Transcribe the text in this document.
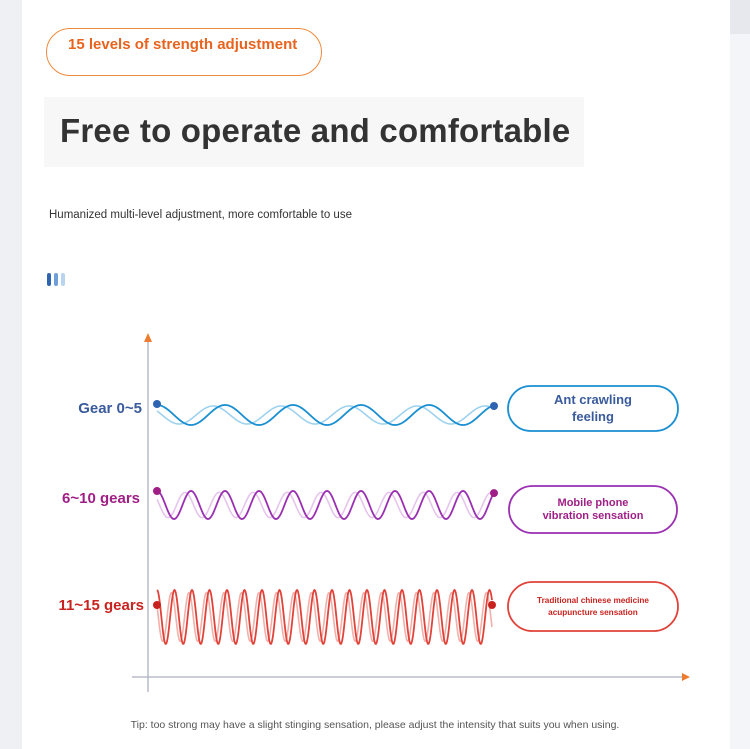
15 levels of strength adjustment
Free to operate and comfortable
Humanized multi-level adjustment, more comfortable to use
Gear 0~5
6~10 gears
11~15 gears
Ant crawling
feeling
Mobile phone
vibration sensation
Traditional chinese medicine
acupuncture sensation
Tip: too strong may have a slight stinging sensation, please adjust the intensity that suits you when using.
